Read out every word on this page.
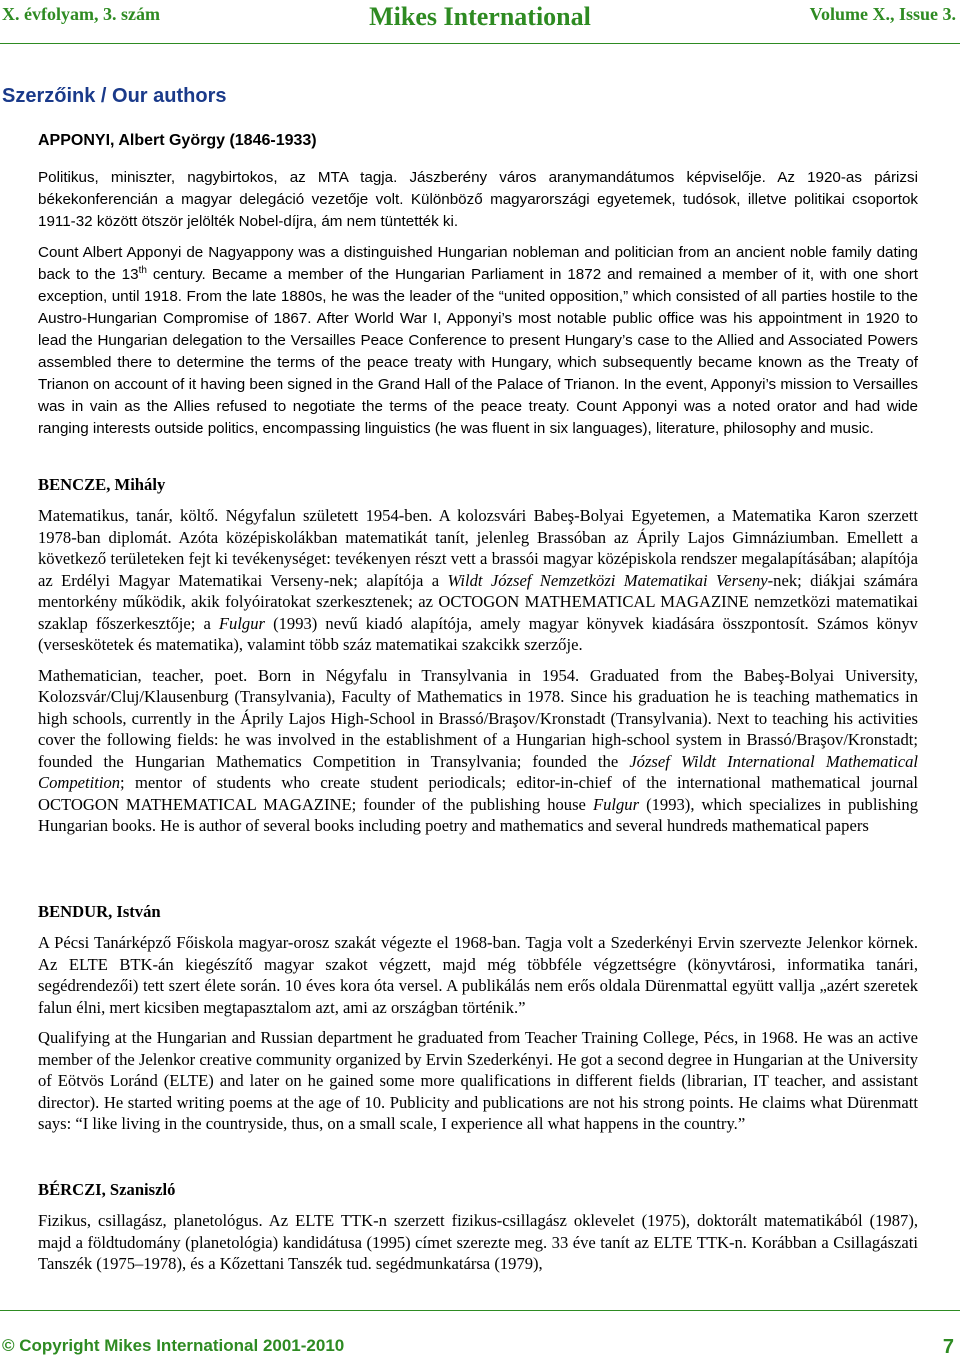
X. évfolyam, 3. szám	Mikes International	Volume X., Issue 3.
Szerzőink / Our authors
APPONYI, Albert György (1846-1933)

Politikus, miniszter, nagybirtokos, az MTA tagja. Jászberény város aranymandátumos képviselője. Az 1920-as párizsi békekonferencián a magyar delegáció vezetője volt. Különböző magyarországi egyetemek, tudósok, illetve politikai csoportok 1911-32 között ötször jelölték Nobel-díjra, ám nem tüntették ki.

Count Albert Apponyi de Nagyappony was a distinguished Hungarian nobleman and politician from an ancient noble family dating back to the 13th century. Became a member of the Hungarian Parliament in 1872 and remained a member of it, with one short exception, until 1918. From the late 1880s, he was the leader of the “united opposition,” which consisted of all parties hostile to the Austro-Hungarian Compromise of 1867. After World War I, Apponyi’s most notable public office was his appointment in 1920 to lead the Hungarian delegation to the Versailles Peace Conference to present Hungary’s case to the Allied and Associated Powers assembled there to determine the terms of the peace treaty with Hungary, which subsequently became known as the Treaty of Trianon on account of it having been signed in the Grand Hall of the Palace of Trianon. In the event, Apponyi’s mission to Versailles was in vain as the Allies refused to negotiate the terms of the peace treaty. Count Apponyi was a noted orator and had wide ranging interests outside politics, encompassing linguistics (he was fluent in six languages), literature, philosophy and music.

BENCZE, Mihály

Matematikus, tanár, költő. Négyfalun született 1954-ben. A kolozsvári Babeş-Bolyai Egyetemen, a Matematika Karon szerzett 1978-ban diplomát. Azóta középiskolákban matematikát tanít, jelenleg Brassóban az Áprily Lajos Gimnáziumban. Emellett a következő területeken fejt ki tevékenységet: tevékenyen részt vett a brassói magyar középiskola rendszer megalapításában; alapítója az Erdélyi Magyar Matematikai Verseny-nek; alapítója a Wildt József Nemzetközi Matematikai Verseny-nek; diákjai számára mentorkény működik, akik folyóiratokat szerkesztenek; az OCTOGON MATHEMATICAL MAGAZINE nemzetközi matematikai szaklap főszerkesztője; a Fulgur (1993) nevű kiadó alapítója, amely magyar könyvek kiadására összpontosít. Számos könyv (verseskötetek és matematika), valamint több száz matematikai szakcikk szerzője.

Mathematician, teacher, poet. Born in Négyfalu in Transylvania in 1954. Graduated from the Babeş-Bolyai University, Kolozsvár/Cluj/Klausenburg (Transylvania), Faculty of Mathematics in 1978. Since his graduation he is teaching mathematics in high schools, currently in the Áprily Lajos High-School in Brassó/Braşov/Kronstadt (Transylvania). Next to teaching his activities cover the following fields: he was involved in the establishment of a Hungarian high-school system in Brassó/Braşov/Kronstadt; founded the Hungarian Mathematics Competition in Transylvania; founded the József Wildt International Mathematical Competition; mentor of students who create student periodicals; editor-in-chief of the international mathematical journal OCTOGON MATHEMATICAL MAGAZINE; founder of the publishing house Fulgur (1993), which specializes in publishing Hungarian books. He is author of several books including poetry and mathematics and several hundreds mathematical papers

BENDUR, István

A Pécsi Tanárképző Főiskola magyar-orosz szakát végezte el 1968-ban. Tagja volt a Szederkényi Ervin szervezte Jelenkor körnek. Az ELTE BTK-án kiegészítő magyar szakot végzett, majd még többféle végzettségre (könyvtárosi, informatika tanári, segédrendezői) tett szert élete során. 10 éves kora óta versel. A publikálás nem erős oldala Dürenmattal együtt vallja „azért szeretek falun élni, mert kicsiben megtapasztalom azt, ami az országban történik.”

Qualifying at the Hungarian and Russian department he graduated from Teacher Training College, Pécs, in 1968. He was an active member of the Jelenkor creative community organized by Ervin Szederkényi. He got a second degree in Hungarian at the University of Eötvös Loránd (ELTE) and later on he gained some more qualifications in different fields (librarian, IT teacher, and assistant director). He started writing poems at the age of 10. Publicity and publications are not his strong points. He claims what Dürenmatt says: “I like living in the countryside, thus, on a small scale, I experience all what happens in the country.”

BÉRCZI, Szaniszló

Fizikus, csillagász, planetológus. Az ELTE TTK-n szerzett fizikus-csillagász oklevelet (1975), doktorált matematikából (1987), majd a földtudomány (planetológia) kandidátusa (1995) címet szerezte meg. 33 éve tanít az ELTE TTK-n. Korábban a Csillagászati Tanszék (1975–1978), és a Kőzettani Tanszék tud. segédmunkatársa (1979),

© Copyright Mikes International 2001-2010	7
